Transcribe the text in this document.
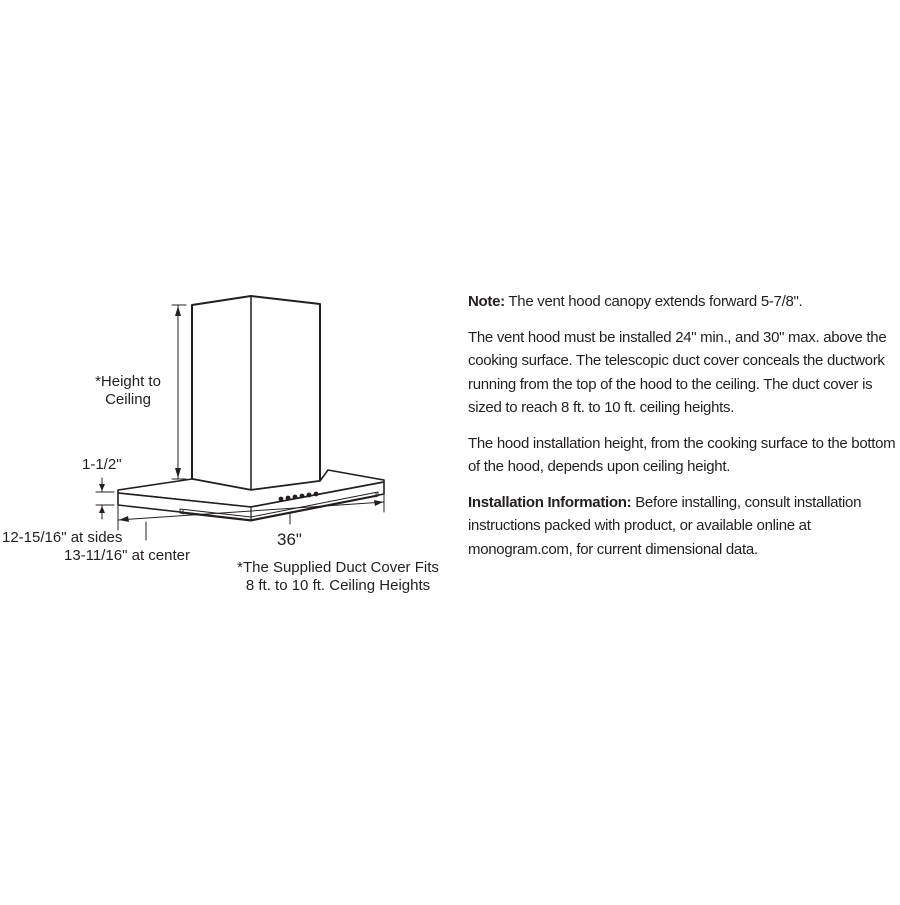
*Height to
Ceiling
1-1/2"
12-15/16" at sides
13-11/16" at center
36"
*The Supplied Duct Cover Fits
8 ft. to 10 ft. Ceiling Heights

Note: The vent hood canopy extends forward 5-7/8".

The vent hood must be installed 24" min., and 30" max. above the cooking surface. The telescopic duct cover conceals the ductwork running from the top of the hood to the ceiling. The duct cover is sized to reach 8 ft. to 10 ft. ceiling heights.

The hood installation height, from the cooking surface to the bottom of the hood, depends upon ceiling height.

Installation Information: Before installing, consult installation instructions packed with product, or available online at monogram.com, for current dimensional data.
